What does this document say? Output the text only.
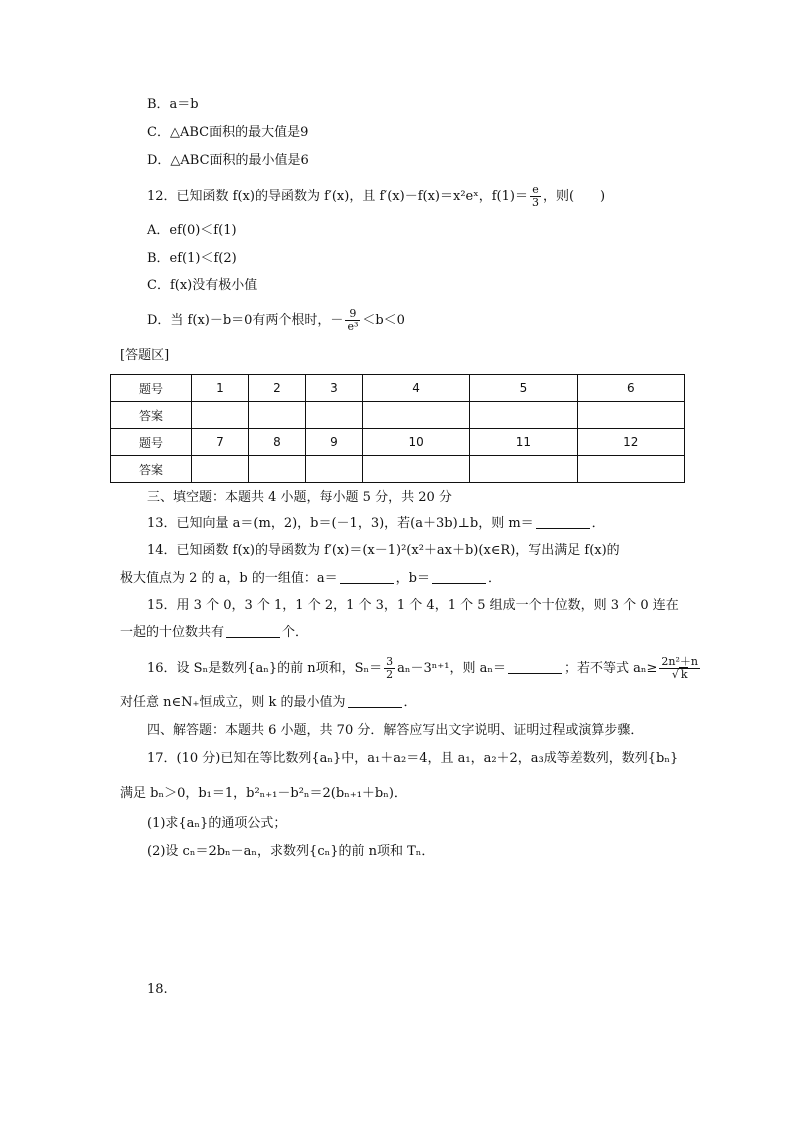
B．a＝b
C．△ABC面积的最大值是9
D．△ABC面积的最小值是6
12．已知函数 f(x)的导函数为 f′(x)，且 f′(x)－f(x)＝x²eˣ，$f(1)= \frac{e}{3}$ ，则(　　)
A．ef(0)＜f(1)
B．ef(1)＜f(2)
C．f(x)没有极小值
D．当 f(x)－b＝0有两个根时，－ $\frac{9}{\text{e³}} <b<0$
[答题区]
题号	1	2	3	4	5	6
答案						
题号	7	8	9	10	11	12
答案						
三、填空题：本题共 4 小题，每小题 5 分，共 20 分
13．已知向量 a＝(m，2)，b＝(－1，3)，若(a＋3b)⊥b，则 m＝	．
14．已知函数 f(x)的导函数为 f′(x)＝(x－1)²(x²＋ax＋b)(x∈R)，写出满足 f(x)的
极大值点为 2 的 a，b 的一组值：a＝	，b＝	．
15．用 3 个 0，3 个 1，1 个 2，1 个 3，1 个 4，1 个 5 组成一个十位数，则 3 个 0 连在
一起的十位数共有	个．
16．设 Sₙ是数列{aₙ}的前 n项和，$S_n= \frac{3}{2} a_n-3^{n+1}$，则 aₙ＝	；若不等式 $a_n\ge \frac{\text{2n²＋n}}{√ k}$
对任意 n∈N₊恒成立，则 k 的最小值为	．
四、解答题：本题共 6 小题，共 70 分．解答应写出文字说明、证明过程或演算步骤．
17．(10 分)已知在等比数列{aₙ}中，a₁＋a₂＝4，且 a₁，a₂＋2，a₃成等差数列，数列{bₙ}
满足 bₙ＞0，b₁＝1，b²ₙ₊₁－b²ₙ＝2(bₙ₊₁＋bₙ)．
(1)求{aₙ}的通项公式；
(2)设 cₙ＝2bₙ－aₙ，求数列{cₙ}的前 n项和 Tₙ．
18.
